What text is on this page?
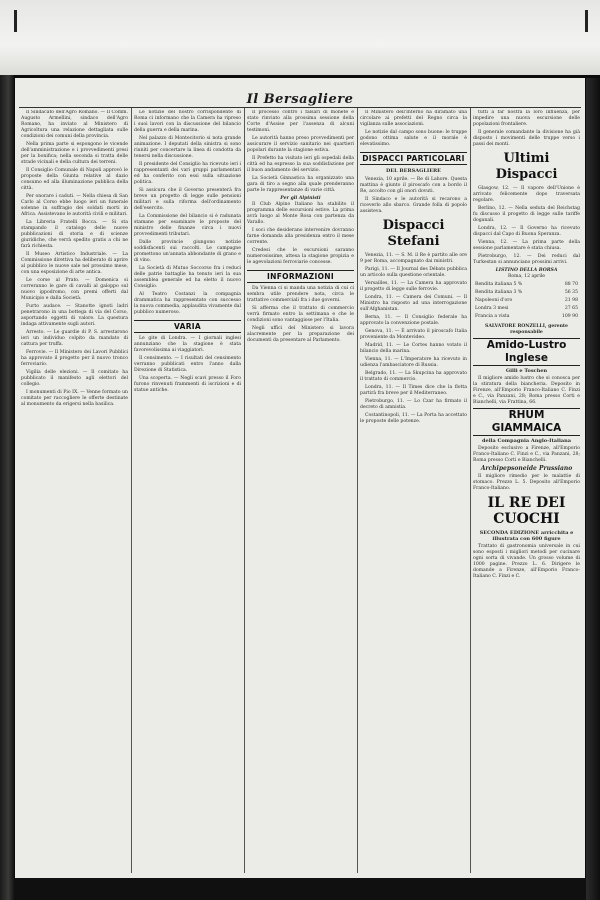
Il Bersagliere

Il Sindacato dell'Agro Romano. — Il Comm. Augusto Armellini, sindaco dell'Agro Romano, ha inviato al Ministero di Agricoltura una relazione dettagliata sulle condizioni dei comuni della provincia.

Nella prima parte si espongono le vicende dell'amministrazione e i provvedimenti presi per la bonifica; nella seconda si tratta delle strade vicinali e della cultura dei terreni.

Il Consiglio Comunale di Napoli approvò le proposte della Giunta relative al dazio consumo ed alla illuminazione pubblica della città.

Per onorare i caduti. — Nella chiesa di San Carlo al Corso ebbe luogo ieri un funerale solenne in suffragio dei soldati morti in Africa. Assistevano le autorità civili e militari.

La Libreria Fratelli Bocca. — Si sta stampando il catalogo delle nuove pubblicazioni di storia e di scienze giuridiche, che verrà spedito gratis a chi ne farà richiesta.

Il Museo Artistico Industriale. — La Commissione direttiva ha deliberato di aprire al pubblico le nuove sale nel prossimo mese, con una esposizione di arte antica.

Le corse al Prato. — Domenica si correranno le gare di cavalli al galoppo sul nuovo ippodromo, con premi offerti dal Municipio e dalla Società.

Furto audace. — Stanotte ignoti ladri penetrarono in una bottega di via del Corso, asportando oggetti di valore. La questura indaga attivamente sugli autori.

Arresto. — Le guardie di P. S. arrestarono ieri un individuo colpito da mandato di cattura per truffa.

Ferrovie. — Il Ministero dei Lavori Pubblici ha approvato il progetto per il nuovo tronco ferroviario.

Vigilia delle elezioni. — Il comitato ha pubblicato il manifesto agli elettori del collegio.

I monumenti di Pio IX. — Venne formato un comitato per raccogliere le offerte destinate al monumento da erigersi nella basilica.

Le notizie del nostro corrispondente di Roma ci informano che la Camera ha ripreso i suoi lavori con la discussione del bilancio della guerra e della marina.

Nel palazzo di Montecitorio si nota grande animazione. I deputati della sinistra si sono riuniti per concertare la linea di condotta da tenersi nella discussione.

Il presidente del Consiglio ha ricevuto ieri i rappresentanti dei vari gruppi parlamentari ed ha conferito con essi sulla situazione politica.

Si assicura che il Governo presenterà fra breve un progetto di legge sulle pensioni militari e sulla riforma dell'ordinamento dell'esercito.

La Commissione del bilancio si è radunata stamane per esaminare le proposte del ministro delle finanze circa i nuovi provvedimenti tributari.

Dalle provincie giungono notizie soddisfacenti sui raccolti. Le campagne promettono un'annata abbondante di grano e di vino.

La Società di Mutuo Soccorso fra i reduci delle patrie battaglie ha tenuto ieri la sua assemblea generale ed ha eletto il nuovo Consiglio.

Al Teatro Costanzi la compagnia drammatica ha rappresentato con successo la nuova commedia, applaudita vivamente dal pubblico numeroso.

VARIA

Le gite di Londra. — I giornali inglesi annunziano che la stagione è stata favorevolissima ai viaggiatori.

Il censimento. — I risultati del censimento verranno pubblicati entro l'anno dalla Direzione di Statistica.

Una scoperta. — Negli scavi presso il Foro furono rinvenuti frammenti di iscrizioni e di statue antiche.

Il processo contro i falsari di monete è stato rinviato alla prossima sessione della Corte d'Assise per l'assenza di alcuni testimoni.

Le autorità hanno preso provvedimenti per assicurare il servizio sanitario nei quartieri popolari durante la stagione estiva.

Il Prefetto ha visitato ieri gli ospedali della città ed ha espresso la sua soddisfazione per il buon andamento del servizio.

La Società Ginnastica ha organizzato una gara di tiro a segno alla quale prenderanno parte le rappresentanze di varie città.

Per gli Alpinisti

Il Club Alpino Italiano ha stabilito il programma delle escursioni estive. La prima avrà luogo al Monte Rosa con partenza da Varallo.

I soci che desiderano intervenire dovranno farne domanda alla presidenza entro il mese corrente.

Credesi che le escursioni saranno numerosissime, attesa la stagione propizia e le agevolazioni ferroviarie concesse.

INFORMAZIONI

Da Vienna ci si manda una notizia di cui ci sembra utile prendere nota, circa le trattative commerciali fra i due governi.

Si afferma che il trattato di commercio verrà firmato entro la settimana e che le condizioni sono vantaggiose per l'Italia.

Negli uffici del Ministero si lavora alacremente per la preparazione dei documenti da presentare al Parlamento.

Il Ministero dell'Interno ha diramato una circolare ai prefetti del Regno circa la vigilanza sulle associazioni.

Le notizie dal campo sono buone: le truppe godono ottima salute e il morale è elevatissimo.

DISPACCI PARTICOLARI
DEL BERSAGLIERE

Venezia, 10 aprile. — Re di Lahore. Questa mattina è giunto il piroscafo con a bordo il Re, accolto con gli onori dovuti.

Il Sindaco e le autorità si recarono a riceverlo allo sbarco. Grande folla di popolo assisteva.

Dispacci Stefani

Venezia, 11. — S. M. il Re è partito alle ore 9 per Roma, accompagnato dai ministri.

Parigi, 11. — Il Journal des Débats pubblica un articolo sulla questione orientale.

Versailles, 11. — La Camera ha approvato il progetto di legge sulle ferrovie.

Londra, 11. — Camera dei Comuni. — Il Ministro ha risposto ad una interrogazione sull'Afghanistan.

Berna, 11. — Il Consiglio federale ha approvato la convenzione postale.

Genova, 11. — È arrivato il piroscafo Italia proveniente da Montevideo.

Madrid, 11. — Le Cortes hanno votato il bilancio della marina.

Vienna, 11. — L'Imperatore ha ricevuto in udienza l'ambasciatore di Russia.

Belgrado, 11. — La Skupcina ha approvato il trattato di commercio.

Londra, 11. — Il Times dice che la flotta partirà fra breve per il Mediterraneo.

Pietroburgo, 11. — Lo Czar ha firmato il decreto di amnistia.

Costantinopoli, 11. — La Porta ha accettato le proposte delle potenze.

tutti a far nostra la loro influenza, per impedire una nuova escursione delle popolazioni frontaliere.

Il generale comandante la divisione ha già disposto i movimenti delle truppe verso i passi dei monti.

Ultimi Dispacci

Glasgow, 12. — Il vapore dell'Unione è arrivato felicemente dopo traversata regolare.

Berlino, 12. — Nella seduta del Reichstag fu discusso il progetto di legge sulle tariffe doganali.

Londra, 12. — Il Governo ha ricevuto dispacci dal Capo di Buona Speranza.

Vienna, 12. — La prima parte della sessione parlamentare è stata chiusa.

Pietroburgo, 12. — Dei reduci dal Turkestan si annunciano prossimi arrivi.

LISTINO DELLA BORSA
Roma, 12 aprile
Rendita italiana 5 %	88 70
Rendita italiana 3 %	56 35
Napoleoni d'oro	21 98
Londra 3 mesi	27 65
Francia a vista	109 90
SALVATORE RONZELLI, gerente responsabile
Amido-Lustro Inglese
Gilli e Toschen

Il migliore amido lustro che si conosca per la stiratura della biancheria. Deposito in Firenze, all'Emporio Franco-Italiano C. Finzi e C., via Panzani, 28; Roma presso Corti e Bianchelli, via Frattina, 66.

RHUM GIAMMAICA
della Compagnia Anglo-Italiana

Deposito esclusivo a Firenze, all'Emporio Franco-Italiano C. Finzi e C., via Panzani, 28; Roma presso Corti e Bianchelli.

Archipepsoneide Prussiano

Il migliore rimedio per le malattie di stomaco. Prezzo L. 5. Deposito all'Emporio Franco-Italiano.

IL RE DEI CUOCHI
SECONDA EDIZIONE arricchita e illustrata con 600 figure

Trattato di gastronomia universale in cui sono esposti i migliori metodi per cucinare ogni sorta di vivande. Un grosso volume di 1000 pagine. Prezzo L. 6. Dirigere le domande a Firenze, all'Emporio Franco-Italiano C. Finzi e C.
